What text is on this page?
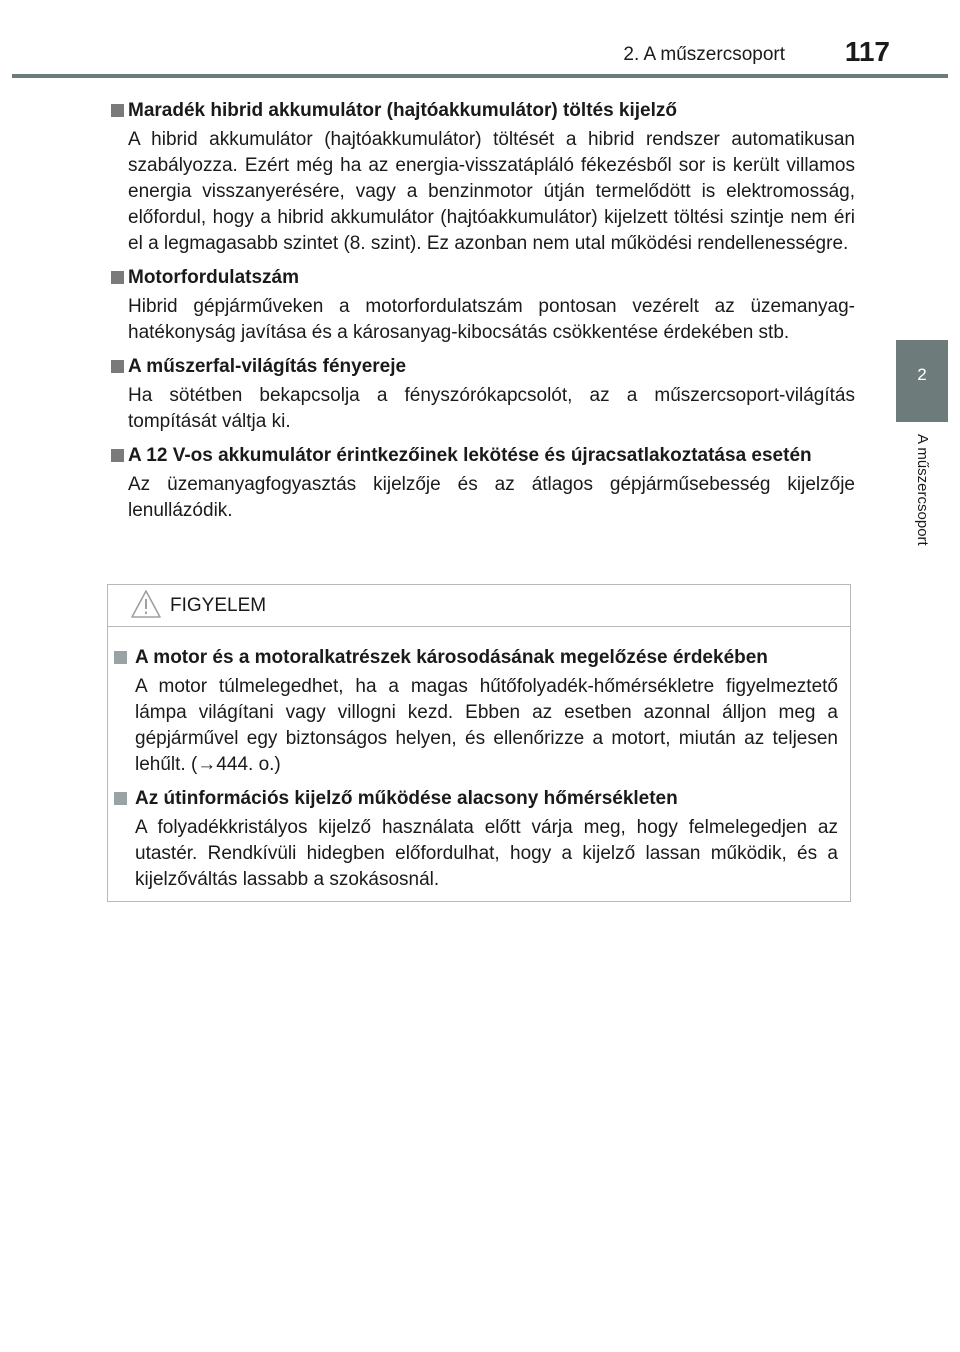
2. A műszercsoport	117
2
A műszercsoport
Maradék hibrid akkumulátor (hajtóakkumulátor) töltés kijelző
A hibrid akkumulátor (hajtóakkumulátor) töltését a hibrid rendszer automatikusan szabályozza. Ezért még ha az energia-visszatápláló fékezésből sor is került villamos energia visszanyerésére, vagy a benzinmotor útján termelődött is elektromosság, előfordul, hogy a hibrid akkumulátor (hajtóakkumulátor) kijelzett töltési szintje nem éri el a legmagasabb szintet (8. szint). Ez azonban nem utal működési rendellenességre.
Motorfordulatszám
Hibrid gépjárműveken a motorfordulatszám pontosan vezérelt az üzemanyag-hatékonyság javítása és a károsanyag-kibocsátás csökkentése érdekében stb.
A műszerfal-világítás fényereje
Ha sötétben bekapcsolja a fényszórókapcsolót, az a műszercsoport-világítás tompítását váltja ki.
A 12 V-os akkumulátor érintkezőinek lekötése és újracsatlakoztatása esetén
Az üzemanyagfogyasztás kijelzője és az átlagos gépjárműsebesség kijelzője lenullázódik.
FIGYELEM
A motor és a motoralkatrészek károsodásának megelőzése érdekében
A motor túlmelegedhet, ha a magas hűtőfolyadék-hőmérsékletre figyelmeztető lámpa világítani vagy villogni kezd. Ebben az esetben azonnal álljon meg a gépjárművel egy biztonságos helyen, és ellenőrizze a motort, miután az teljesen lehűlt. (→444. o.)
Az útinformációs kijelző működése alacsony hőmérsékleten
A folyadékkristályos kijelző használata előtt várja meg, hogy felmelegedjen az utastér. Rendkívüli hidegben előfordulhat, hogy a kijelző lassan működik, és a kijelzőváltás lassabb a szokásosnál.
